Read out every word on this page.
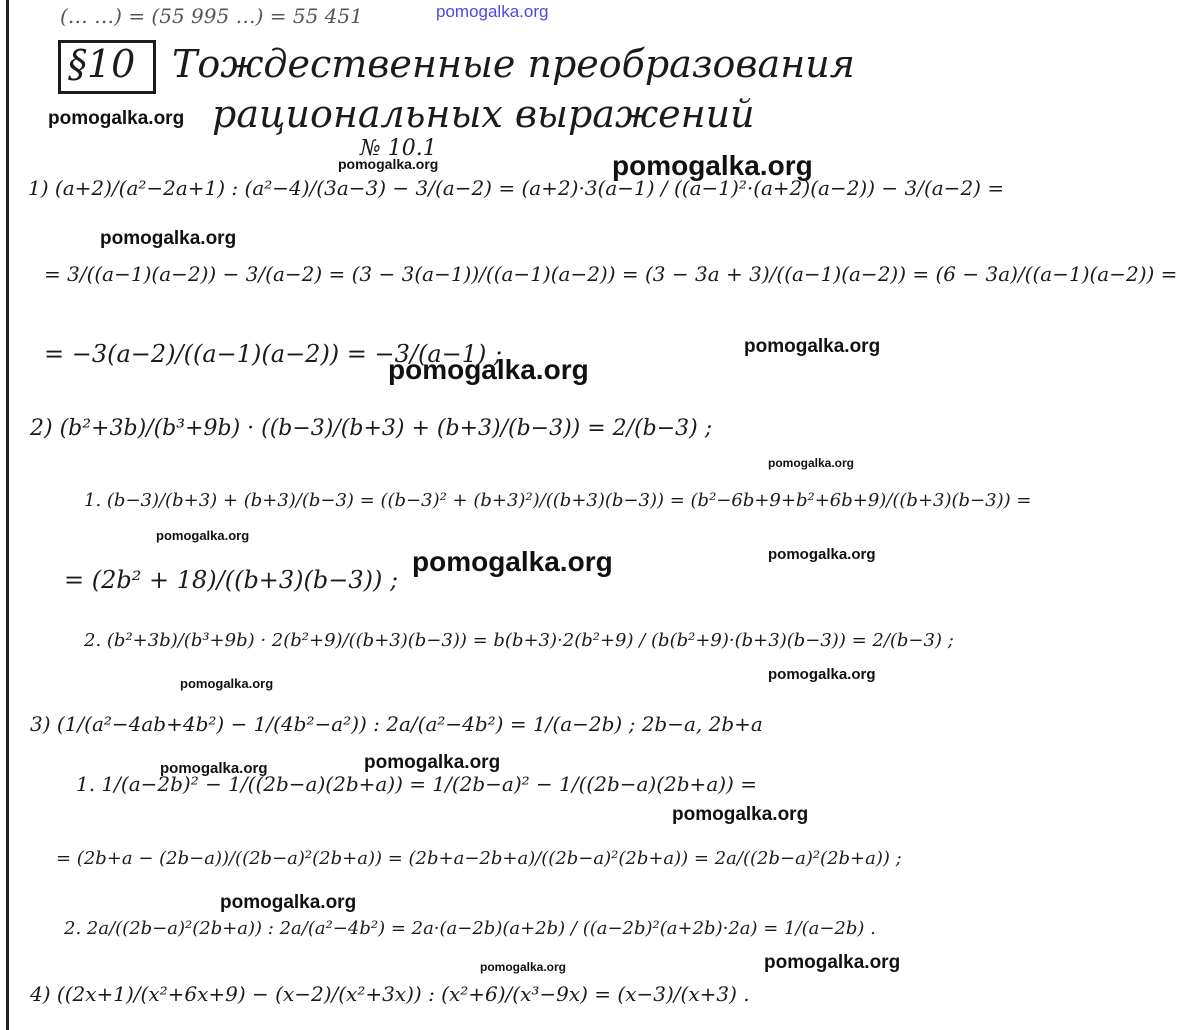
pomogalka.org
(… …) = (55 995 …) = 55 451
§10 Тождественные преобразования
рациональных выражений
№ 10.1
1) (a+2)/(a²−2a+1) : (a²−4)/(3a−3) − 3/(a−2) = (a+2)·3(a−1) / ((a−1)²·(a+2)(a−2)) − 3/(a−2) =
= 3/((a−1)(a−2)) − 3/(a−2) = (3 − 3(a−1))/((a−1)(a−2)) = (3 − 3a + 3)/((a−1)(a−2)) = (6 − 3a)/((a−1)(a−2)) =
= −3(a−2)/((a−1)(a−2)) = −3/(a−1) ;
2) (b²+3b)/(b³+9b) · ((b−3)/(b+3) + (b+3)/(b−3)) = 2/(b−3) ;
1. (b−3)/(b+3) + (b+3)/(b−3) = ((b−3)² + (b+3)²)/((b+3)(b−3)) = (b²−6b+9+b²+6b+9)/((b+3)(b−3)) =
= (2b² + 18)/((b+3)(b−3)) ;
2. (b²+3b)/(b³+9b) · 2(b²+9)/((b+3)(b−3)) = b(b+3)·2(b²+9) / (b(b²+9)·(b+3)(b−3)) = 2/(b−3) ;
3) (1/(a²−4ab+4b²) − 1/(4b²−a²)) : 2a/(a²−4b²) = 1/(a−2b) ; 2b−a, 2b+a
1. 1/(a−2b)² − 1/((2b−a)(2b+a)) = 1/(2b−a)² − 1/((2b−a)(2b+a)) =
= (2b+a − (2b−a))/((2b−a)²(2b+a)) = (2b+a−2b+a)/((2b−a)²(2b+a)) = 2a/((2b−a)²(2b+a)) ;
2. 2a/((2b−a)²(2b+a)) : 2a/(a²−4b²) = 2a·(a−2b)(a+2b) / ((a−2b)²(a+2b)·2a) = 1/(a−2b) .
4) ((2x+1)/(x²+6x+9) − (x−2)/(x²+3x)) : (x²+6)/(x³−9x) = (x−3)/(x+3) .
pomogalka.org
pomogalka.org	pomogalka.org
pomogalka.org
pomogalka.org
pomogalka.org
pomogalka.org
pomogalka.org
pomogalka.org
pomogalka.org
pomogalka.org
pomogalka.org
pomogalka.org
pomogalka.org
pomogalka.org
pomogalka.org
pomogalka.org
pomogalka.org
